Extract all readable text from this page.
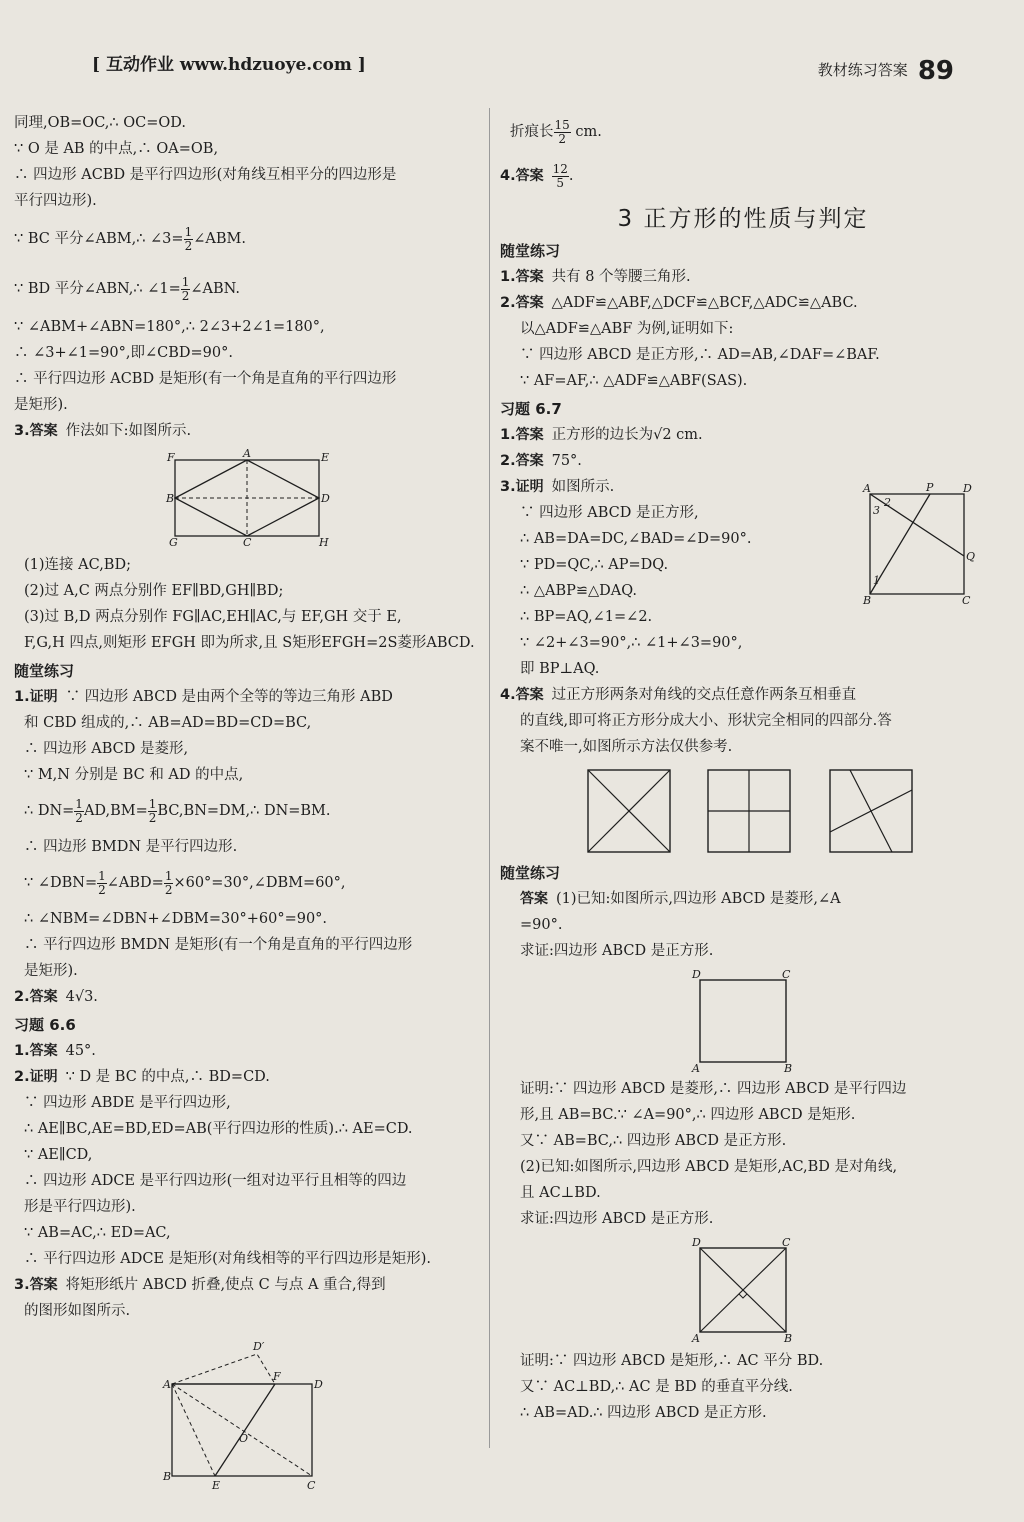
[ 互动作业 www.hdzuoye.com ]	教材练习答案 89
同理,OB=OC,∴ OC=OD.
∵ O 是 AB 的中点,∴ OA=OB,
∴ 四边形 ACBD 是平行四边形(对角线互相平分的四边形是
平行四边形).
∵ BC 平分∠ABM,∴ ∠3= $\frac{1}{2}$ ∠ABM.
∵ BD 平分∠ABN,∴ ∠1= $\frac{1}{2}$ ∠ABN.
∵ ∠ABM+∠ABN=180°,∴ 2∠3+2∠1=180°,
∴ ∠3+∠1=90°,即∠CBD=90°.
∴ 平行四边形 ACBD 是矩形(有一个角是直角的平行四边形
是矩形).
3.答案 作法如下:如图所示.
A
F	E
B	D
G	C	H
(1)连接 AC,BD;
(2)过 A,C 两点分别作 EF∥BD,GH∥BD;
(3)过 B,D 两点分别作 FG∥AC,EH∥AC,与 EF,GH 交于 E,
F,G,H 四点,则矩形 EFGH 即为所求,且 S矩形EFGH=2S菱形ABCD.
随堂练习
1.证明 ∵ 四边形 ABCD 是由两个全等的等边三角形 ABD
和 CBD 组成的,∴ AB=AD=BD=CD=BC,
∴ 四边形 ABCD 是菱形,
∵ M,N 分别是 BC 和 AD 的中点,
∴ $DN= \frac{1}{2} AD,BM= \frac{1}{2}$ BC,BN=DM,∴ DN=BM.
∴ 四边形 BMDN 是平行四边形.
∵ ∠DBN= $\frac{1}{2}$ ∠ABD= $\frac{1}{2}$ ×60°=30°,∠DBM=60°,
∴ ∠NBM=∠DBN+∠DBM=30°+60°=90°.
∴ 平行四边形 BMDN 是矩形(有一个角是直角的平行四边形
是矩形).
2.答案 4√3.
习题 6.6
1.答案 45°.
2.证明 ∵ D 是 BC 的中点,∴ BD=CD.
∵ 四边形 ABDE 是平行四边形,
∴ AE∥BC,AE=BD,ED=AB(平行四边形的性质).∴ AE=CD.
∵ AE∥CD,
∴ 四边形 ADCE 是平行四边形(一组对边平行且相等的四边
形是平行四边形).
∵ AB=AC,∴ ED=AC,
∴ 平行四边形 ADCE 是矩形(对角线相等的平行四边形是矩形).
3.答案 将矩形纸片 ABCD 折叠,使点 C 与点 A 重合,得到
的图形如图所示.
D′
A
F
D
O
B
E	C
折痕长 $\frac{15}{2}$ cm.
4.答案 $\frac{12}{5}$ .
3 正方形的性质与判定
随堂练习
1.答案 共有 8 个等腰三角形.
2.答案 △ADF≌△ABF,△DCF≌△BCF,△ADC≌△ABC.
以△ADF≌△ABF 为例,证明如下:
∵ 四边形 ABCD 是正方形,∴ AD=AB,∠DAF=∠BAF.
∵ AF=AF,∴ △ADF≌△ABF(SAS).
习题 6.7
1.答案 正方形的边长为√2 cm.
2.答案 75°.
3.证明 如图所示.
∵ 四边形 ABCD 是正方形,
∴ AB=DA=DC,∠BAD=∠D=90°.
∵ PD=QC,∴ AP=DQ.
∴ △ABP≌△DAQ.
∴ BP=AQ,∠1=∠2.
∵ ∠2+∠3=90°,∴ ∠1+∠3=90°,
即 BP⊥AQ.
A	P	D
Q
B	C
2
3
1
4.答案 过正方形两条对角线的交点任意作两条互相垂直
的直线,即可将正方形分成大小、形状完全相同的四部分.答
案不唯一,如图所示方法仅供参考.
随堂练习
答案 (1)已知:如图所示,四边形 ABCD 是菱形,∠A
=90°.
求证:四边形 ABCD 是正方形.
D	C
A	B
证明:∵ 四边形 ABCD 是菱形,∴ 四边形 ABCD 是平行四边
形,且 AB=BC.∵ ∠A=90°,∴ 四边形 ABCD 是矩形.
又∵ AB=BC,∴ 四边形 ABCD 是正方形.
(2)已知:如图所示,四边形 ABCD 是矩形,AC,BD 是对角线,
且 AC⊥BD.
求证:四边形 ABCD 是正方形.
D	C
A	B
证明:∵ 四边形 ABCD 是矩形,∴ AC 平分 BD.
又∵ AC⊥BD,∴ AC 是 BD 的垂直平分线.
∴ AB=AD.∴ 四边形 ABCD 是正方形.
